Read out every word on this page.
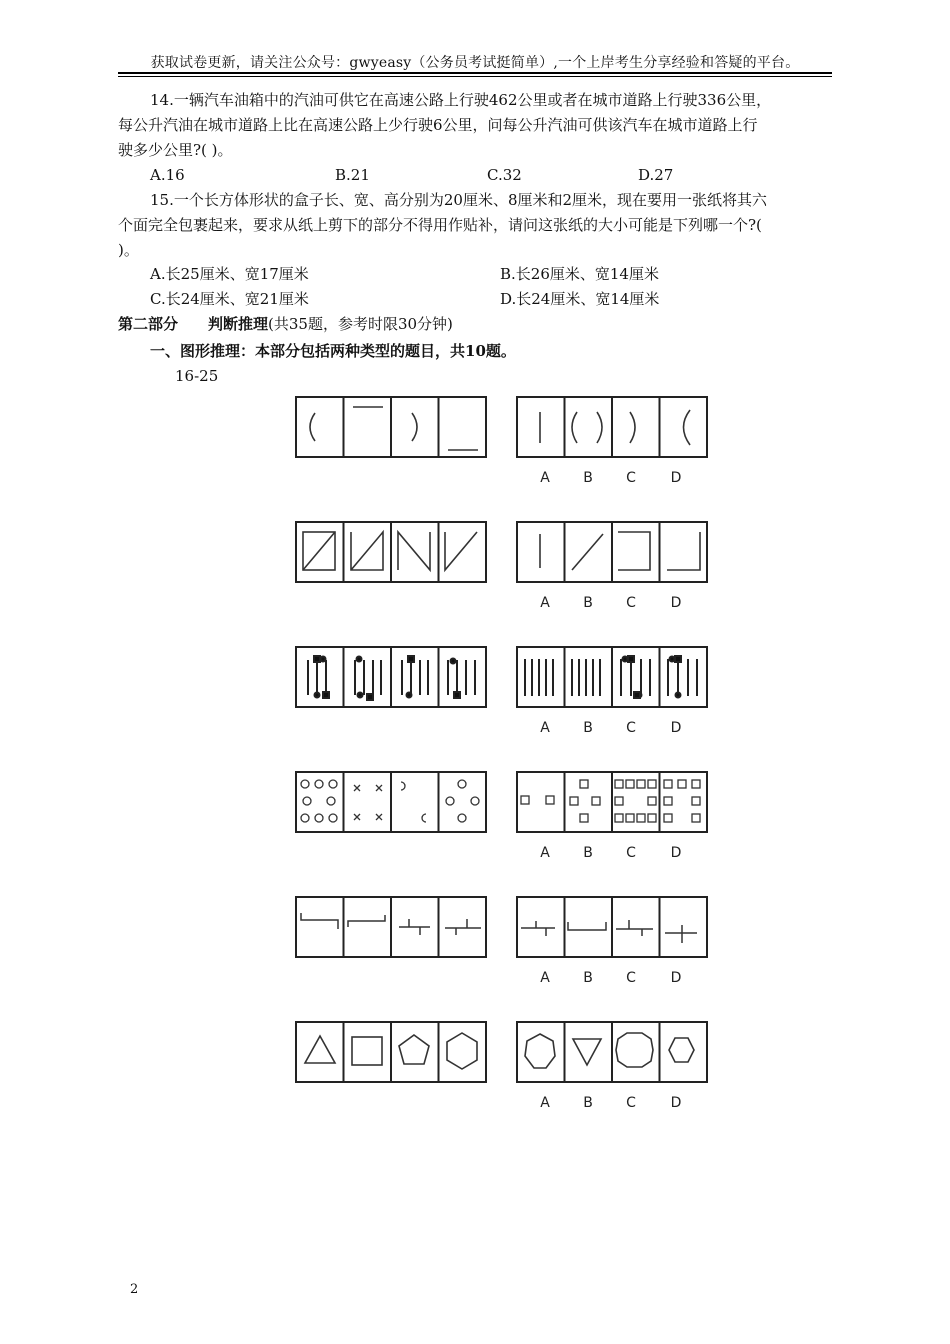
获取试卷更新，请关注公众号：gwyeasy（公务员考试挺简单）,一个上岸考生分享经验和答疑的平台。
14.一辆汽车油箱中的汽油可供它在高速公路上行驶462公里或者在城市道路上行驶336公里，
每公升汽油在城市道路上比在高速公路上少行驶6公里，问每公升汽油可供该汽车在城市道路上行
驶多少公里?( )。
A.16	B.21	C.32	D.27
15.一个长方体形状的盒子长、宽、高分别为20厘米、8厘米和2厘米，现在要用一张纸将其六
个面完全包裹起来，要求从纸上剪下的部分不得用作贴补，请问这张纸的大小可能是下列哪一个?(
)。
A.长25厘米、宽17厘米	B.长26厘米、宽14厘米
C.长24厘米、宽21厘米	D.长24厘米、宽14厘米
第二部分　　判断推理(共35题，参考时限30分钟)
一、图形推理：本部分包括两种类型的题目，共10题。
16-25
A	B	C	D
A	B	C	D
A	B	C	D
A	B	C	D
A	B	C	D
A	B	C	D
2
